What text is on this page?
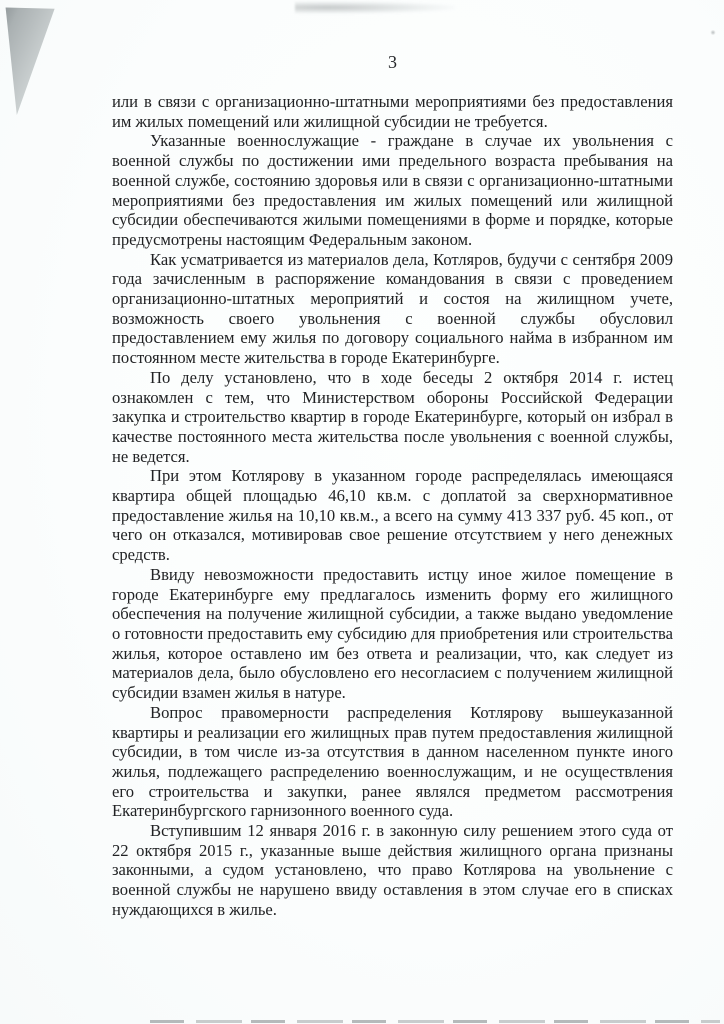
3

или в связи с организационно-штатными мероприятиями без предоставления им жилых помещений или жилищной субсидии не требуется.

Указанные военнослужащие - граждане в случае их увольнения с военной службы по достижении ими предельного возраста пребывания на военной службе, состоянию здоровья или в связи с организационно-штатными мероприятиями без предоставления им жилых помещений или жилищной субсидии обеспечиваются жилыми помещениями в форме и порядке, которые предусмотрены настоящим Федеральным законом.

Как усматривается из материалов дела, Котляров, будучи с сентября 2009 года зачисленным в распоряжение командования в связи с проведением организационно-штатных мероприятий и состоя на жилищном учете, возможность своего увольнения с военной службы обусловил предоставлением ему жилья по договору социального найма в избранном им постоянном месте жительства в городе Екатеринбурге.

По делу установлено, что в ходе беседы 2 октября 2014 г. истец ознакомлен с тем, что Министерством обороны Российской Федерации закупка и строительство квартир в городе Екатеринбурге, который он избрал в качестве постоянного места жительства после увольнения с военной службы, не ведется.

При этом Котлярову в указанном городе распределялась имеющаяся квартира общей площадью 46,10 кв.м. с доплатой за сверхнормативное предоставление жилья на 10,10 кв.м., а всего на сумму 413 337 руб. 45 коп., от чего он отказался, мотивировав свое решение отсутствием у него денежных средств.

Ввиду невозможности предоставить истцу иное жилое помещение в городе Екатеринбурге ему предлагалось изменить форму его жилищного обеспечения на получение жилищной субсидии, а также выдано уведомление о готовности предоставить ему субсидию для приобретения или строительства жилья, которое оставлено им без ответа и реализации, что, как следует из материалов дела, было обусловлено его несогласием с получением жилищной субсидии взамен жилья в натуре.

Вопрос правомерности распределения Котлярову вышеуказанной квартиры и реализации его жилищных прав путем предоставления жилищной субсидии, в том числе из-за отсутствия в данном населенном пункте иного жилья, подлежащего распределению военнослужащим, и не осуществления его строительства и закупки, ранее являлся предметом рассмотрения Екатеринбургского гарнизонного военного суда.

Вступившим 12 января 2016 г. в законную силу решением этого суда от 22 октября 2015 г., указанные выше действия жилищного органа признаны законными, а судом установлено, что право Котлярова на увольнение с военной службы не нарушено ввиду оставления в этом случае его в списках нуждающихся в жилье.
